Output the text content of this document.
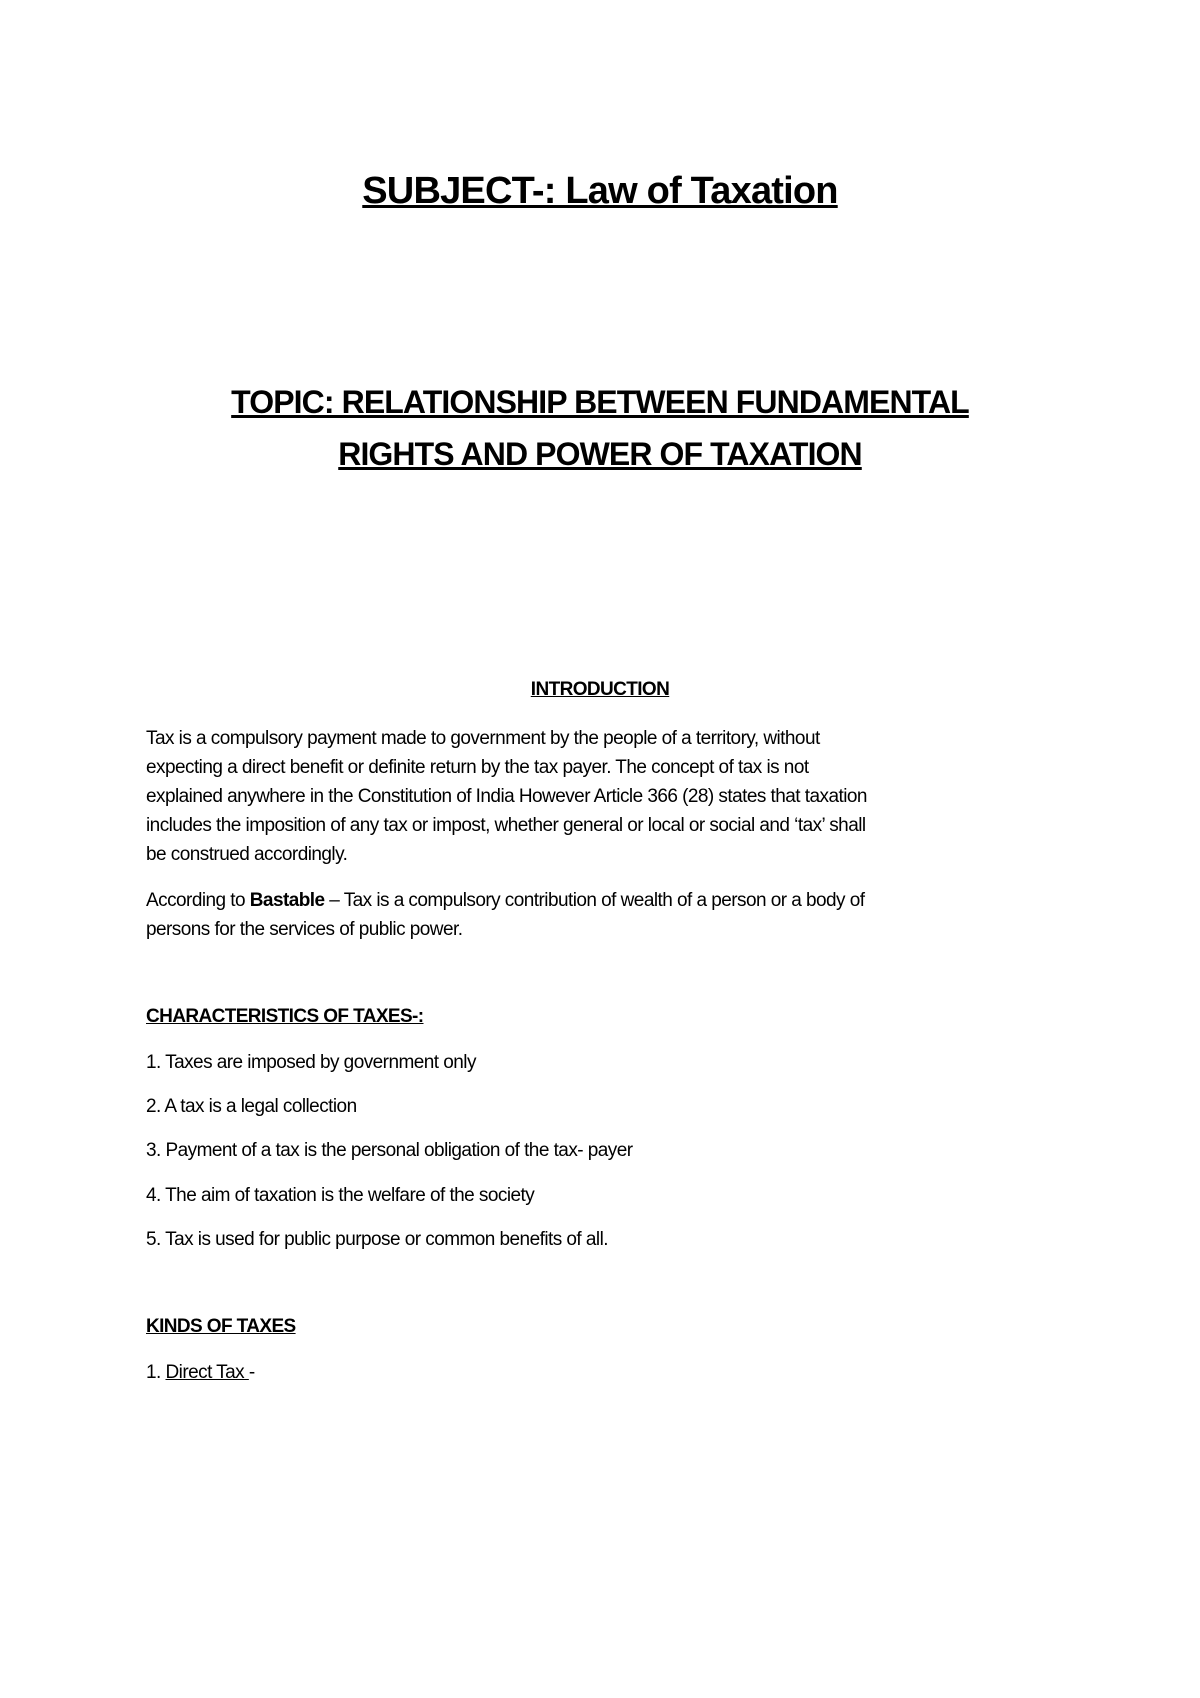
SUBJECT-: Law of Taxation
TOPIC: RELATIONSHIP BETWEEN FUNDAMENTAL
RIGHTS AND POWER OF TAXATION
INTRODUCTION
Tax is a compulsory payment made to government by the people of a territory, without
expecting a direct benefit or definite return by the tax payer. The concept of tax is not
explained anywhere in the Constitution of India However Article 366 (28) states that taxation
includes the imposition of any tax or impost, whether general or local or social and ‘tax’ shall
be construed accordingly.
According to Bastable – Tax is a compulsory contribution of wealth of a person or a body of
persons for the services of public power.
CHARACTERISTICS OF TAXES-:
1. Taxes are imposed by government only
2. A tax is a legal collection
3. Payment of a tax is the personal obligation of the tax- payer
4. The aim of taxation is the welfare of the society
5. Tax is used for public purpose or common benefits of all.
KINDS OF TAXES
1. Direct Tax -
